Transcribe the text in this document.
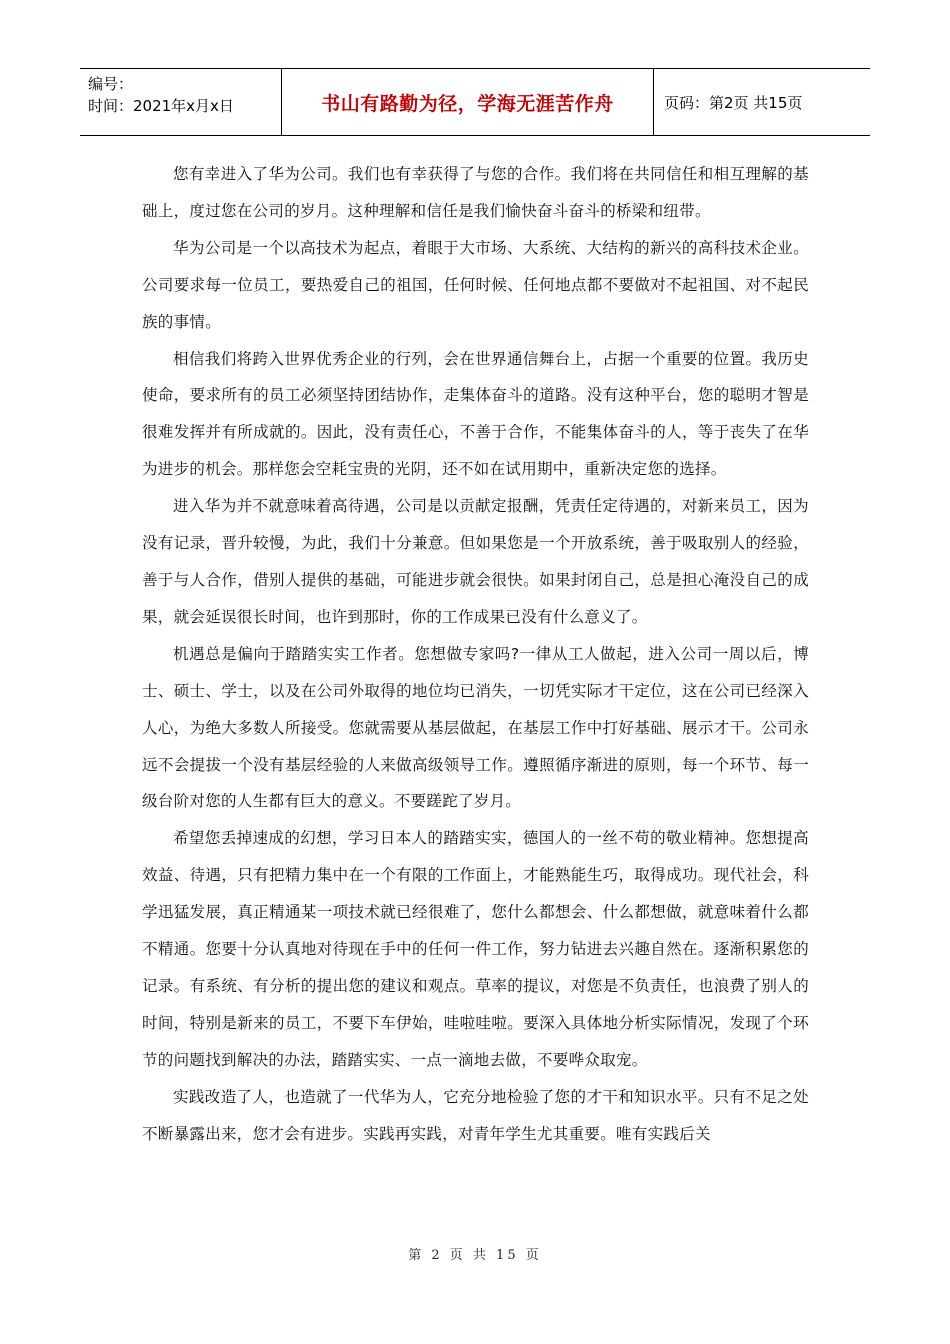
编号：
时间：2021年x月x日	书山有路勤为径，学海无涯苦作舟	页码：第2页 共15页

您有幸进入了华为公司。我们也有幸获得了与您的合作。我们将在共同信任和相互理解的基础上，度过您在公司的岁月。这种理解和信任是我们愉快奋斗奋斗的桥梁和纽带。

华为公司是一个以高技术为起点，着眼于大市场、大系统、大结构的新兴的高科技术企业。公司要求每一位员工，要热爱自己的祖国，任何时候、任何地点都不要做对不起祖国、对不起民族的事情。

相信我们将跨入世界优秀企业的行列，会在世界通信舞台上，占据一个重要的位置。我历史使命，要求所有的员工必须坚持团结协作，走集体奋斗的道路。没有这种平台，您的聪明才智是很难发挥并有所成就的。因此，没有责任心，不善于合作，不能集体奋斗的人，等于丧失了在华为进步的机会。那样您会空耗宝贵的光阴，还不如在试用期中，重新决定您的选择。

进入华为并不就意味着高待遇，公司是以贡献定报酬，凭责任定待遇的，对新来员工，因为没有记录，晋升较慢，为此，我们十分兼意。但如果您是一个开放系统，善于吸取别人的经验，善于与人合作，借别人提供的基础，可能进步就会很快。如果封闭自己，总是担心淹没自己的成果，就会延误很长时间，也许到那时，你的工作成果已没有什么意义了。

机遇总是偏向于踏踏实实工作者。您想做专家吗?一律从工人做起，进入公司一周以后，博士、硕士、学士，以及在公司外取得的地位均已消失，一切凭实际才干定位，这在公司已经深入人心，为绝大多数人所接受。您就需要从基层做起，在基层工作中打好基础、展示才干。公司永远不会提拔一个没有基层经验的人来做高级领导工作。遵照循序渐进的原则，每一个环节、每一级台阶对您的人生都有巨大的意义。不要蹉跎了岁月。

希望您丢掉速成的幻想，学习日本人的踏踏实实，德国人的一丝不苟的敬业精神。您想提高效益、待遇，只有把精力集中在一个有限的工作面上，才能熟能生巧，取得成功。现代社会，科学迅猛发展，真正精通某一项技术就已经很难了，您什么都想会、什么都想做，就意味着什么都不精通。您要十分认真地对待现在手中的任何一件工作，努力钻进去兴趣自然在。逐渐积累您的记录。有系统、有分析的提出您的建议和观点。草率的提议，对您是不负责任，也浪费了别人的时间，特别是新来的员工，不要下车伊始，哇啦哇啦。要深入具体地分析实际情况，发现了个环节的问题找到解决的办法，踏踏实实、一点一滴地去做，不要哗众取宠。

实践改造了人，也造就了一代华为人，它充分地检验了您的才干和知识水平。只有不足之处不断暴露出来，您才会有进步。实践再实践，对青年学生尤其重要。唯有实践后关

第 2 页 共 15 页
